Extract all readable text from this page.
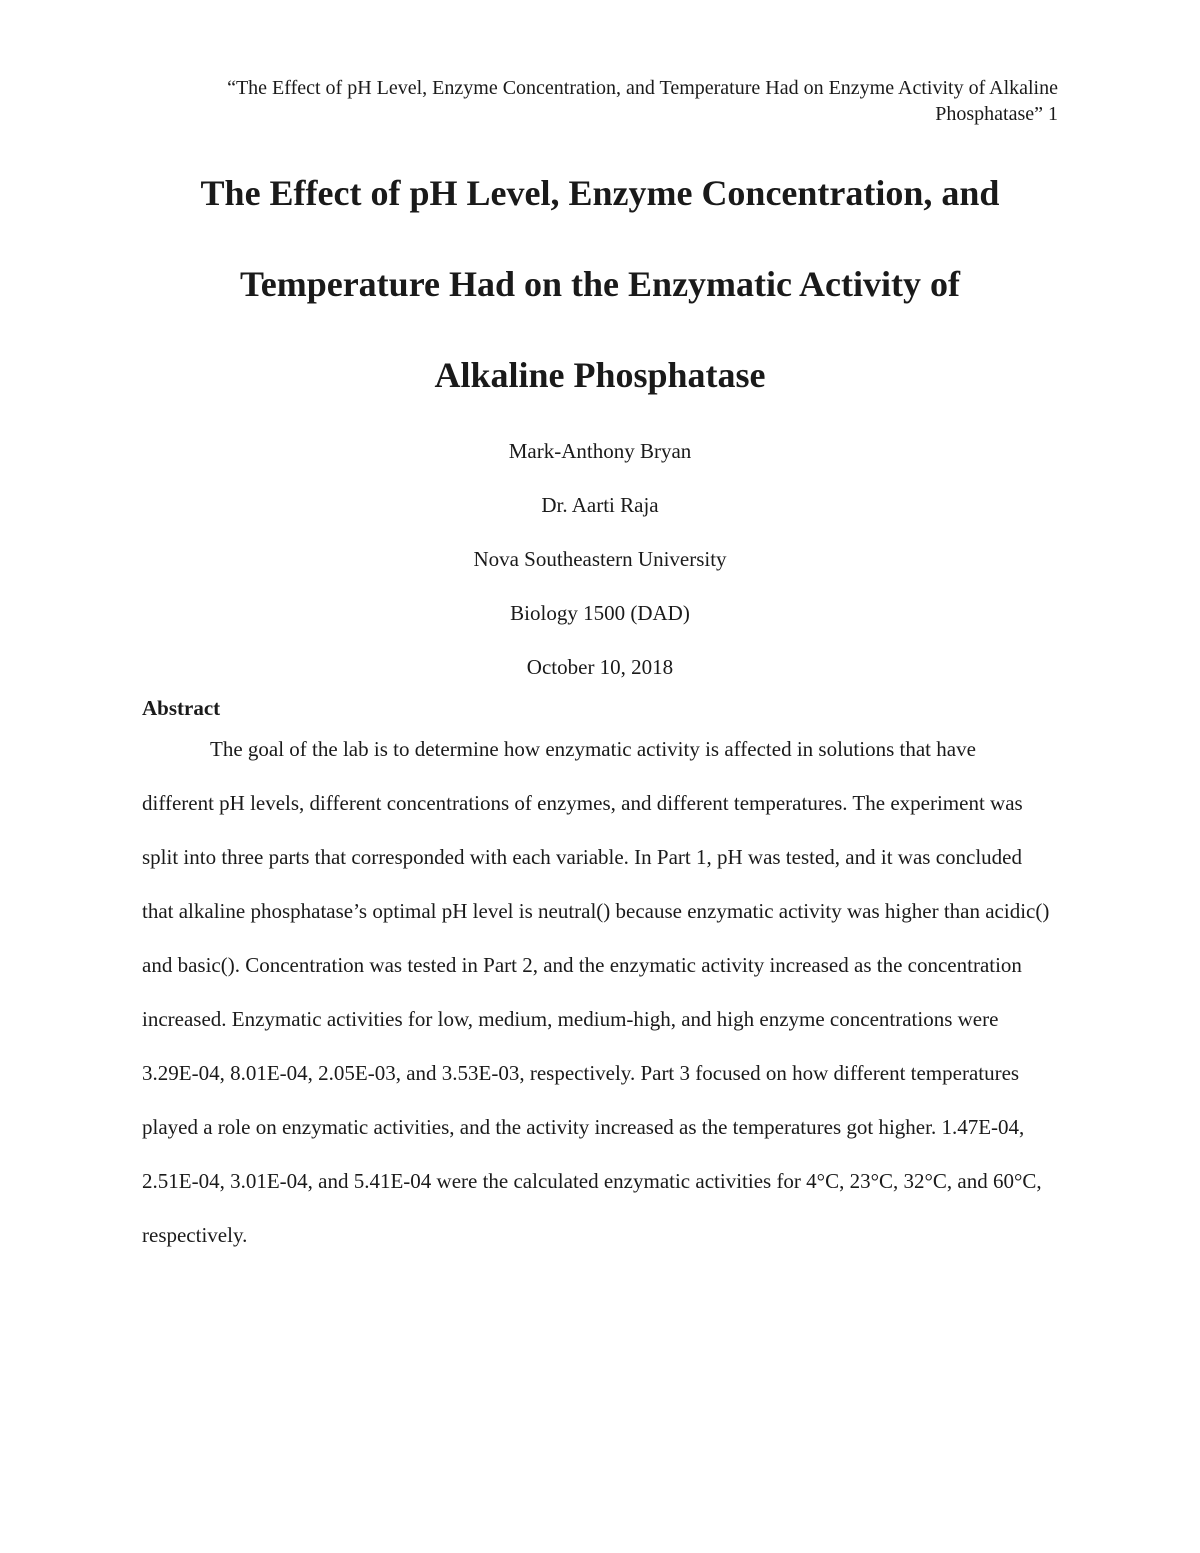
“The Effect of pH Level, Enzyme Concentration, and Temperature Had on Enzyme Activity of Alkaline Phosphatase” 1
The Effect of pH Level, Enzyme Concentration, and
Temperature Had on the Enzymatic Activity of
Alkaline Phosphatase
Mark-Anthony Bryan
Dr. Aarti Raja
Nova Southeastern University
Biology 1500 (DAD)
October 10, 2018
Abstract

The goal of the lab is to determine how enzymatic activity is affected in solutions that have different pH levels, different concentrations of enzymes, and different temperatures. The experiment was split into three parts that corresponded with each variable. In Part 1, pH was tested, and it was concluded that alkaline phosphatase’s optimal pH level is neutral() because enzymatic activity was higher than acidic() and basic(). Concentration was tested in Part 2, and the enzymatic activity increased as the concentration increased. Enzymatic activities for low, medium, medium-high, and high enzyme concentrations were 3.29E-04, 8.01E-04, 2.05E-03, and 3.53E-03, respectively. Part 3 focused on how different temperatures played a role on enzymatic activities, and the activity increased as the temperatures got higher. 1.47E-04, 2.51E-04, 3.01E-04, and 5.41E-04 were the calculated enzymatic activities for 4°C, 23°C, 32°C, and 60°C, respectively.
